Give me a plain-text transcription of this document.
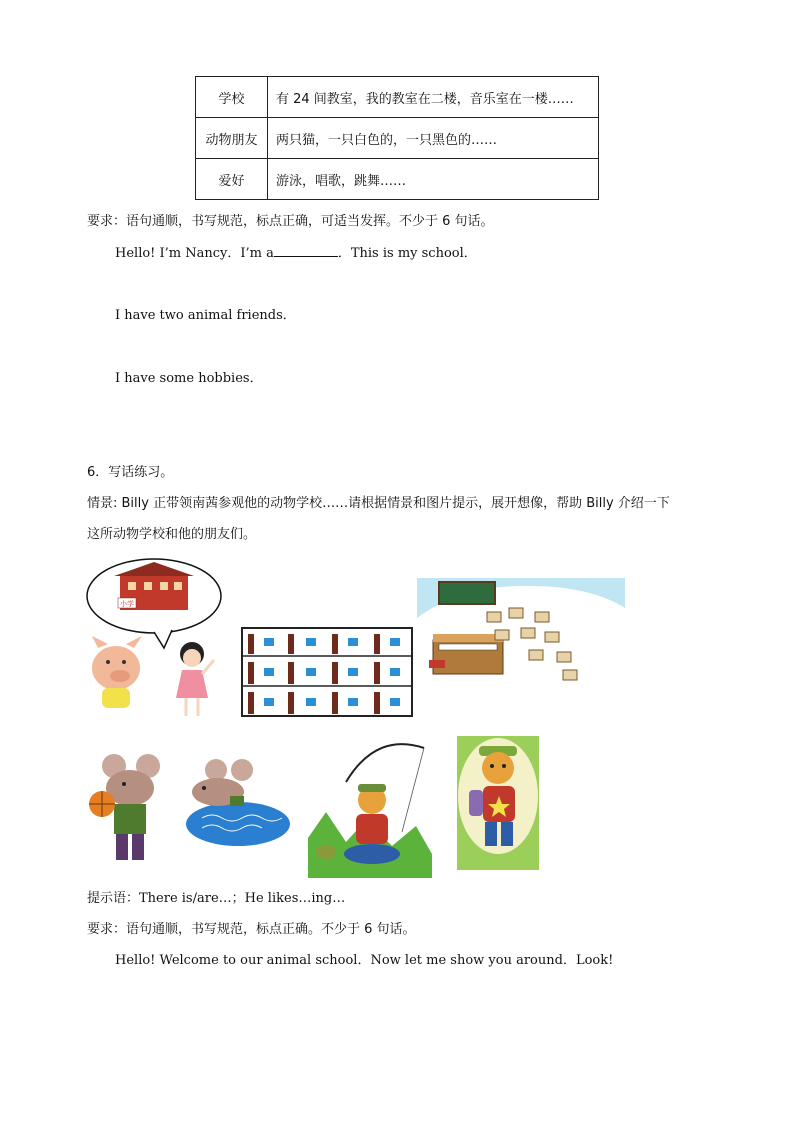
学校	有 24 间教室，我的教室在二楼，音乐室在一楼……
动物朋友	两只猫，一只白色的，一只黑色的……
爱好	游泳，唱歌，跳舞……
要求：语句通顺，书写规范，标点正确，可适当发挥。不少于 6 句话。
Hello! I’m Nancy．I’m a	．This is my school．
I have two animal friends．
I have some hobbies．
6．写话练习。
情景: Billy 正带领南茜参观他的动物学校……请根据情景和图片提示，展开想像，帮助 Billy 介绍一下
这所动物学校和他的朋友们。
小学
提示语：There is/are…；He likes…ing…
要求：语句通顺，书写规范，标点正确。不少于 6 句话。
Hello! Welcome to our animal school．Now let me show you around．Look!
